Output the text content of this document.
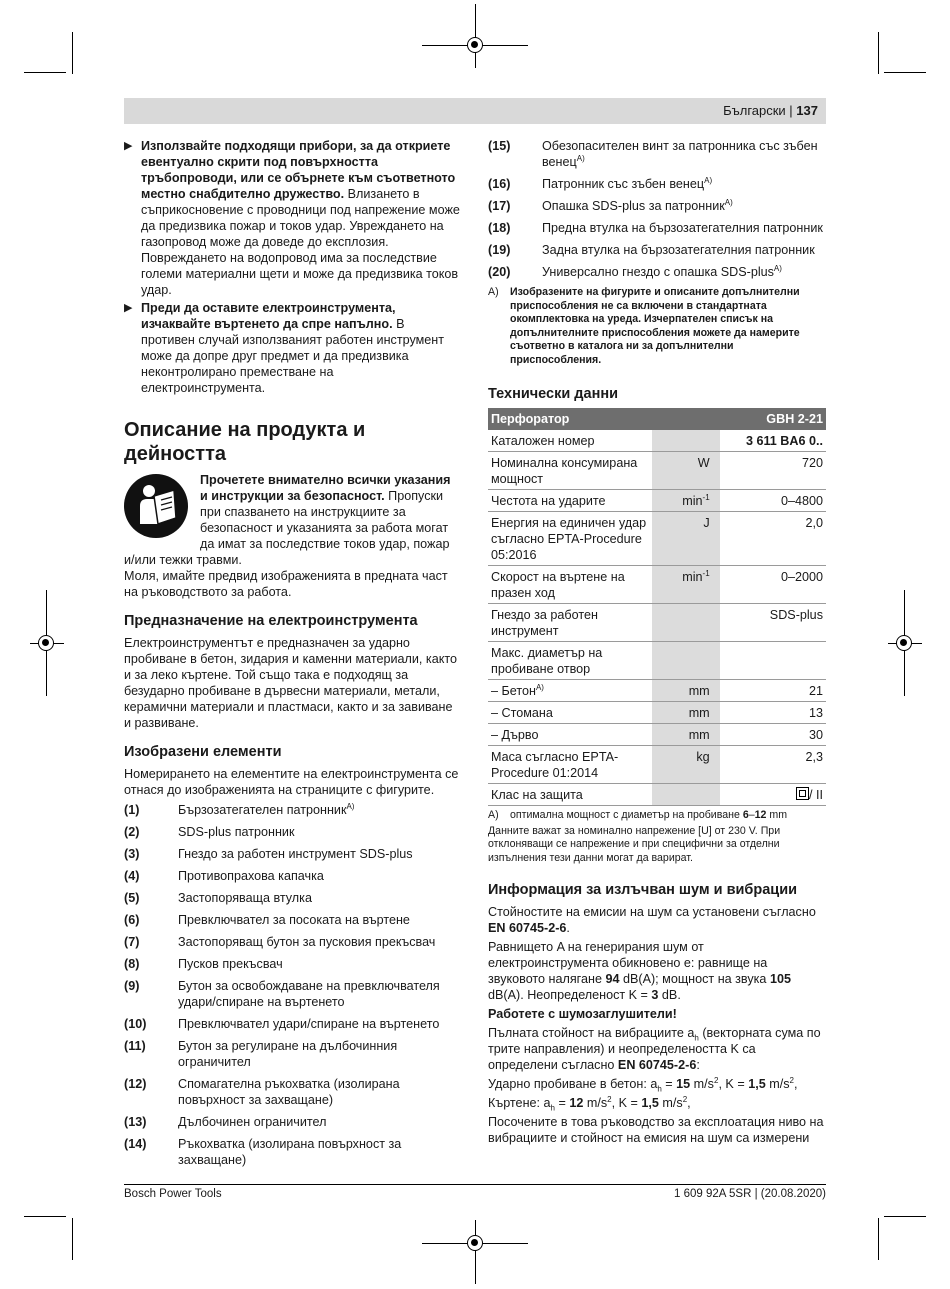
Български | 137
▶ Използвайте подходящи прибори, за да откриете евентуално скрити под повърхността тръбопроводи, или се обърнете към съответното местно снабдително дружество. Влизането в съприкосновение с проводници под напрежение може да предизвика пожар и токов удар. Увреждането на газопровод може да доведе до експлозия. Повреждането на водопровод има за последствие големи материални щети и може да предизвика токов удар.
▶ Преди да оставите електроинструмента, изчаквайте въртенето да спре напълно. В противен случай използваният работен инструмент може да допре друг предмет и да предизвика неконтролирано преместване на електроинструмента.
Описание на продукта и дейността
Прочетете внимателно всички указания и инструкции за безопасност. Пропуски при спазването на инструкциите за безопасност и указанията за работа могат да имат за последствие токов удар, пожар и/или тежки травми.

Моля, имайте предвид изображенията в предната част на ръководството за работа.

Предназначение на електроинструмента

Електроинструментът е предназначен за ударно пробиване в бетон, зидария и каменни материали, както и за леко къртене. Той също така е подходящ за безударно пробиване в дървесни материали, метали, керамични материали и пластмаси, както и за завиване и развиване.

Изобразени елементи

Номерирането на елементите на електроинструмента се отнася до изображенията на страниците с фигурите.

(1)	Бързозатегателен патронник$^{A)}$
(2)	SDS-plus патронник
(3)	Гнездо за работен инструмент SDS-plus
(4)	Противопрахова капачка
(5)	Застопоряваща втулка
(6)	Превключвател за посоката на въртене
(7)	Застопоряващ бутон за пусковия прекъсвач
(8)	Пусков прекъсвач
(9)	Бутон за освобождаване на превключвателя удари/спиране на въртенето
(10)	Превключвател удари/спиране на въртенето
(11)	Бутон за регулиране на дълбочинния ограничител
(12)	Спомагателна ръкохватка (изолирана повърхност за захващане)
(13)	Дълбочинен ограничител
(14)	Ръкохватка (изолирана повърхност за захващане)
(15)	Обезопасителен винт за патронника със зъбен венец$^{A)}$
(16)	Патронник със зъбен венец$^{A)}$
(17)	Опашка SDS-plus за патронник$^{A)}$
(18)	Предна втулка на бързозатегателния патронник
(19)	Задна втулка на бързозатегателния патронник
(20)	Универсално гнездо с опашка SDS-plus$^{A)}$
A)	Изобразените на фигурите и описаните допълнителни приспособления не са включени в стандартната окомплектовка на уреда. Изчерпателен списък на допълнителните приспособления можете да намерите съответно в каталога ни за допълнителни приспособления.
Технически данни
Перфоратор		GBH 2-21
Каталожен номер		3 611 BA6 0..
Номинална консумирана мощност	W	720
Честота на ударите	$\min^{-1}$	0–4800
Енергия на единичен удар съгласно EPTA-Procedure 05:2016	J	2,0
Скорост на въртене на празен ход	$\min^{-1}$	0–2000
Гнездо за работен инструмент		SDS-plus
Макс. диаметър на пробиване отвор		
– Бетон$^{A)}$	mm	21
– Стомана	mm	13
– Дърво	mm	30
Маса съгласно EPTA-Procedure 01:2014	kg	2,3
Клас на защита		/ II
A)	оптимална мощност с диаметър на пробиване 6–12 mm

Данните важат за номинално напрежение [U] от 230 V. При отклоняващи се напрежение и при специфични за отделни изпълнения тези данни могат да варират.

Информация за излъчван шум и вибрации

Стойностите на емисии на шум са установени съгласно EN 60745-2-6.

Равнището A на генерирания шум от електроинструмента обикновено е: равнище на звуковото налягане 94 dB(A); мощност на звука 105 dB(A). Неопределеност K = 3 dB.

Работете с шумозаглушители!

Пълната стойност на вибрациите $a_h$ (векторната сума по трите направления) и неопределеността K са определени съгласно EN 60745-2-6:

Ударно пробиване в бетон: $a_h = 15$ $m/s^2$, K = 1,5 $m/s^2$,

Къртене: $a_h = 12$ $m/s^2$, K = 1,5 $m/s^2$,

Посочените в това ръководство за експлоатация ниво на вибрациите и стойност на емисия на шум са измерени

Bosch Power Tools	1 609 92A 5SR | (20.08.2020)
